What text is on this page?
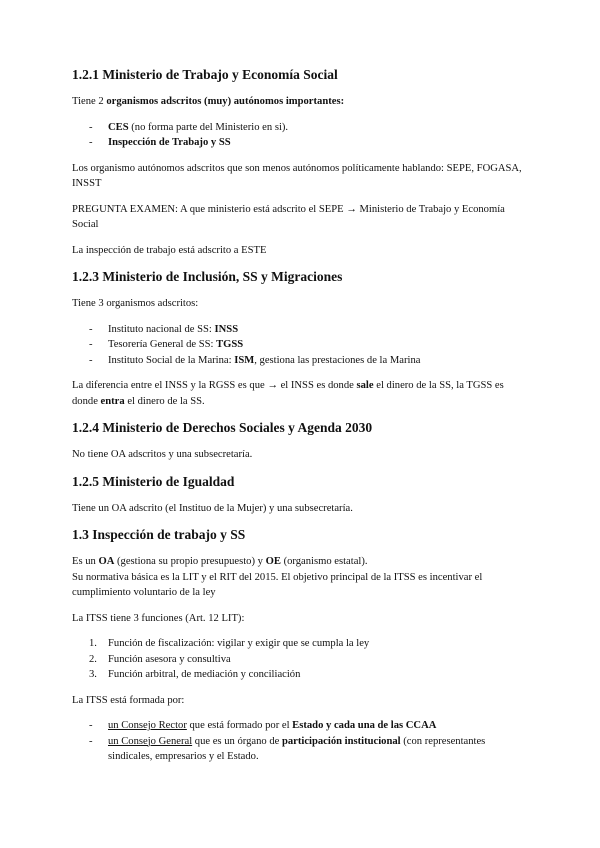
1.2.1 Ministerio de Trabajo y Economía Social

Tiene 2 organismos adscritos (muy) autónomos importantes:

- CES (no forma parte del Ministerio en si).
- Inspección de Trabajo y SS

Los organismo autónomos adscritos que son menos autónomos políticamente hablando: SEPE, FOGASA, INSST

PREGUNTA EXAMEN: A que ministerio está adscrito el SEPE → Ministerio de Trabajo y Economía Social

La inspección de trabajo está adscrito a ESTE

1.2.3 Ministerio de Inclusión, SS y Migraciones

Tiene 3 organismos adscritos:

- Instituto nacional de SS: INSS
- Tesorería General de SS: TGSS
- Instituto Social de la Marina: ISM, gestiona las prestaciones de la Marina

La diferencia entre el INSS y la RGSS es que → el INSS es donde sale el dinero de la SS, la TGSS es donde entra el dinero de la SS.

1.2.4 Ministerio de Derechos Sociales y Agenda 2030

No tiene OA adscritos y una subsecretaría.

1.2.5 Ministerio de Igualdad

Tiene un OA adscrito (el Instituo de la Mujer) y una subsecretaría.

1.3 Inspección de trabajo y SS

Es un OA (gestiona su propio presupuesto) y OE (organismo estatal).

Su normativa básica es la LIT y el RIT del 2015. El objetivo principal de la ITSS es incentivar el cumplimiento voluntario de la ley

La ITSS tiene 3 funciones (Art. 12 LIT):

1. Función de fiscalización: vigilar y exigir que se cumpla la ley
2. Función asesora y consultiva
3. Función arbitral, de mediación y conciliación

La ITSS está formada por:

- un Consejo Rector que está formado por el Estado y cada una de las CCAA
- un Consejo General que es un órgano de participación institucional (con representantes sindicales, empresarios y el Estado.
